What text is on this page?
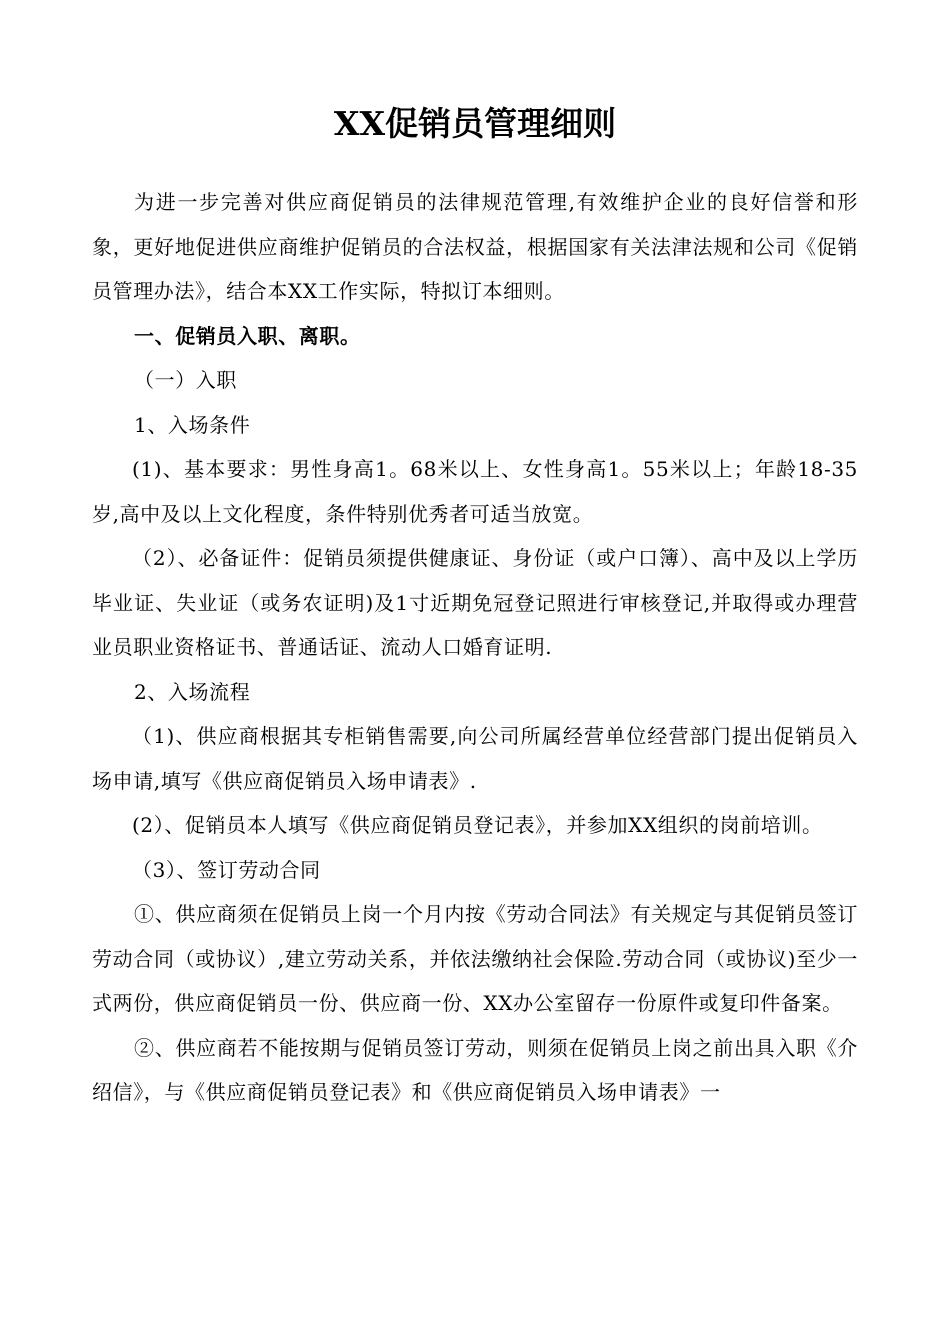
XX促销员管理细则

为进一步完善对供应商促销员的法律规范管理,有效维护企业的良好信誉和形象，更好地促进供应商维护促销员的合法权益，根据国家有关法津法规和公司《促销员管理办法》，结合本XX工作实际，特拟订本细则。

一、促销员入职、离职。

（一）入职

1、入场条件

(1)、基本要求：男性身高1。68米以上、女性身高1。55米以上；年龄18-35岁,高中及以上文化程度，条件特别优秀者可适当放宽。

（2）、必备证件：促销员须提供健康证、身份证（或户口簿）、高中及以上学历毕业证、失业证（或务农证明)及1寸近期免冠登记照进行审核登记,并取得或办理营业员职业资格证书、普通话证、流动人口婚育证明.

2、入场流程

（1)、供应商根据其专柜销售需要,向公司所属经营单位经营部门提出促销员入场申请,填写《供应商促销员入场申请表》.

(2）、促销员本人填写《供应商促销员登记表》，并参加XX组织的岗前培训。

（3）、签订劳动合同

①、供应商须在促销员上岗一个月内按《劳动合同法》有关规定与其促销员签订劳动合同（或协议）,建立劳动关系，并依法缴纳社会保险.劳动合同（或协议)至少一式两份，供应商促销员一份、供应商一份、XX办公室留存一份原件或复印件备案。

②、供应商若不能按期与促销员签订劳动，则须在促销员上岗之前出具入职《介绍信》，与《供应商促销员登记表》和《供应商促销员入场申请表》一
